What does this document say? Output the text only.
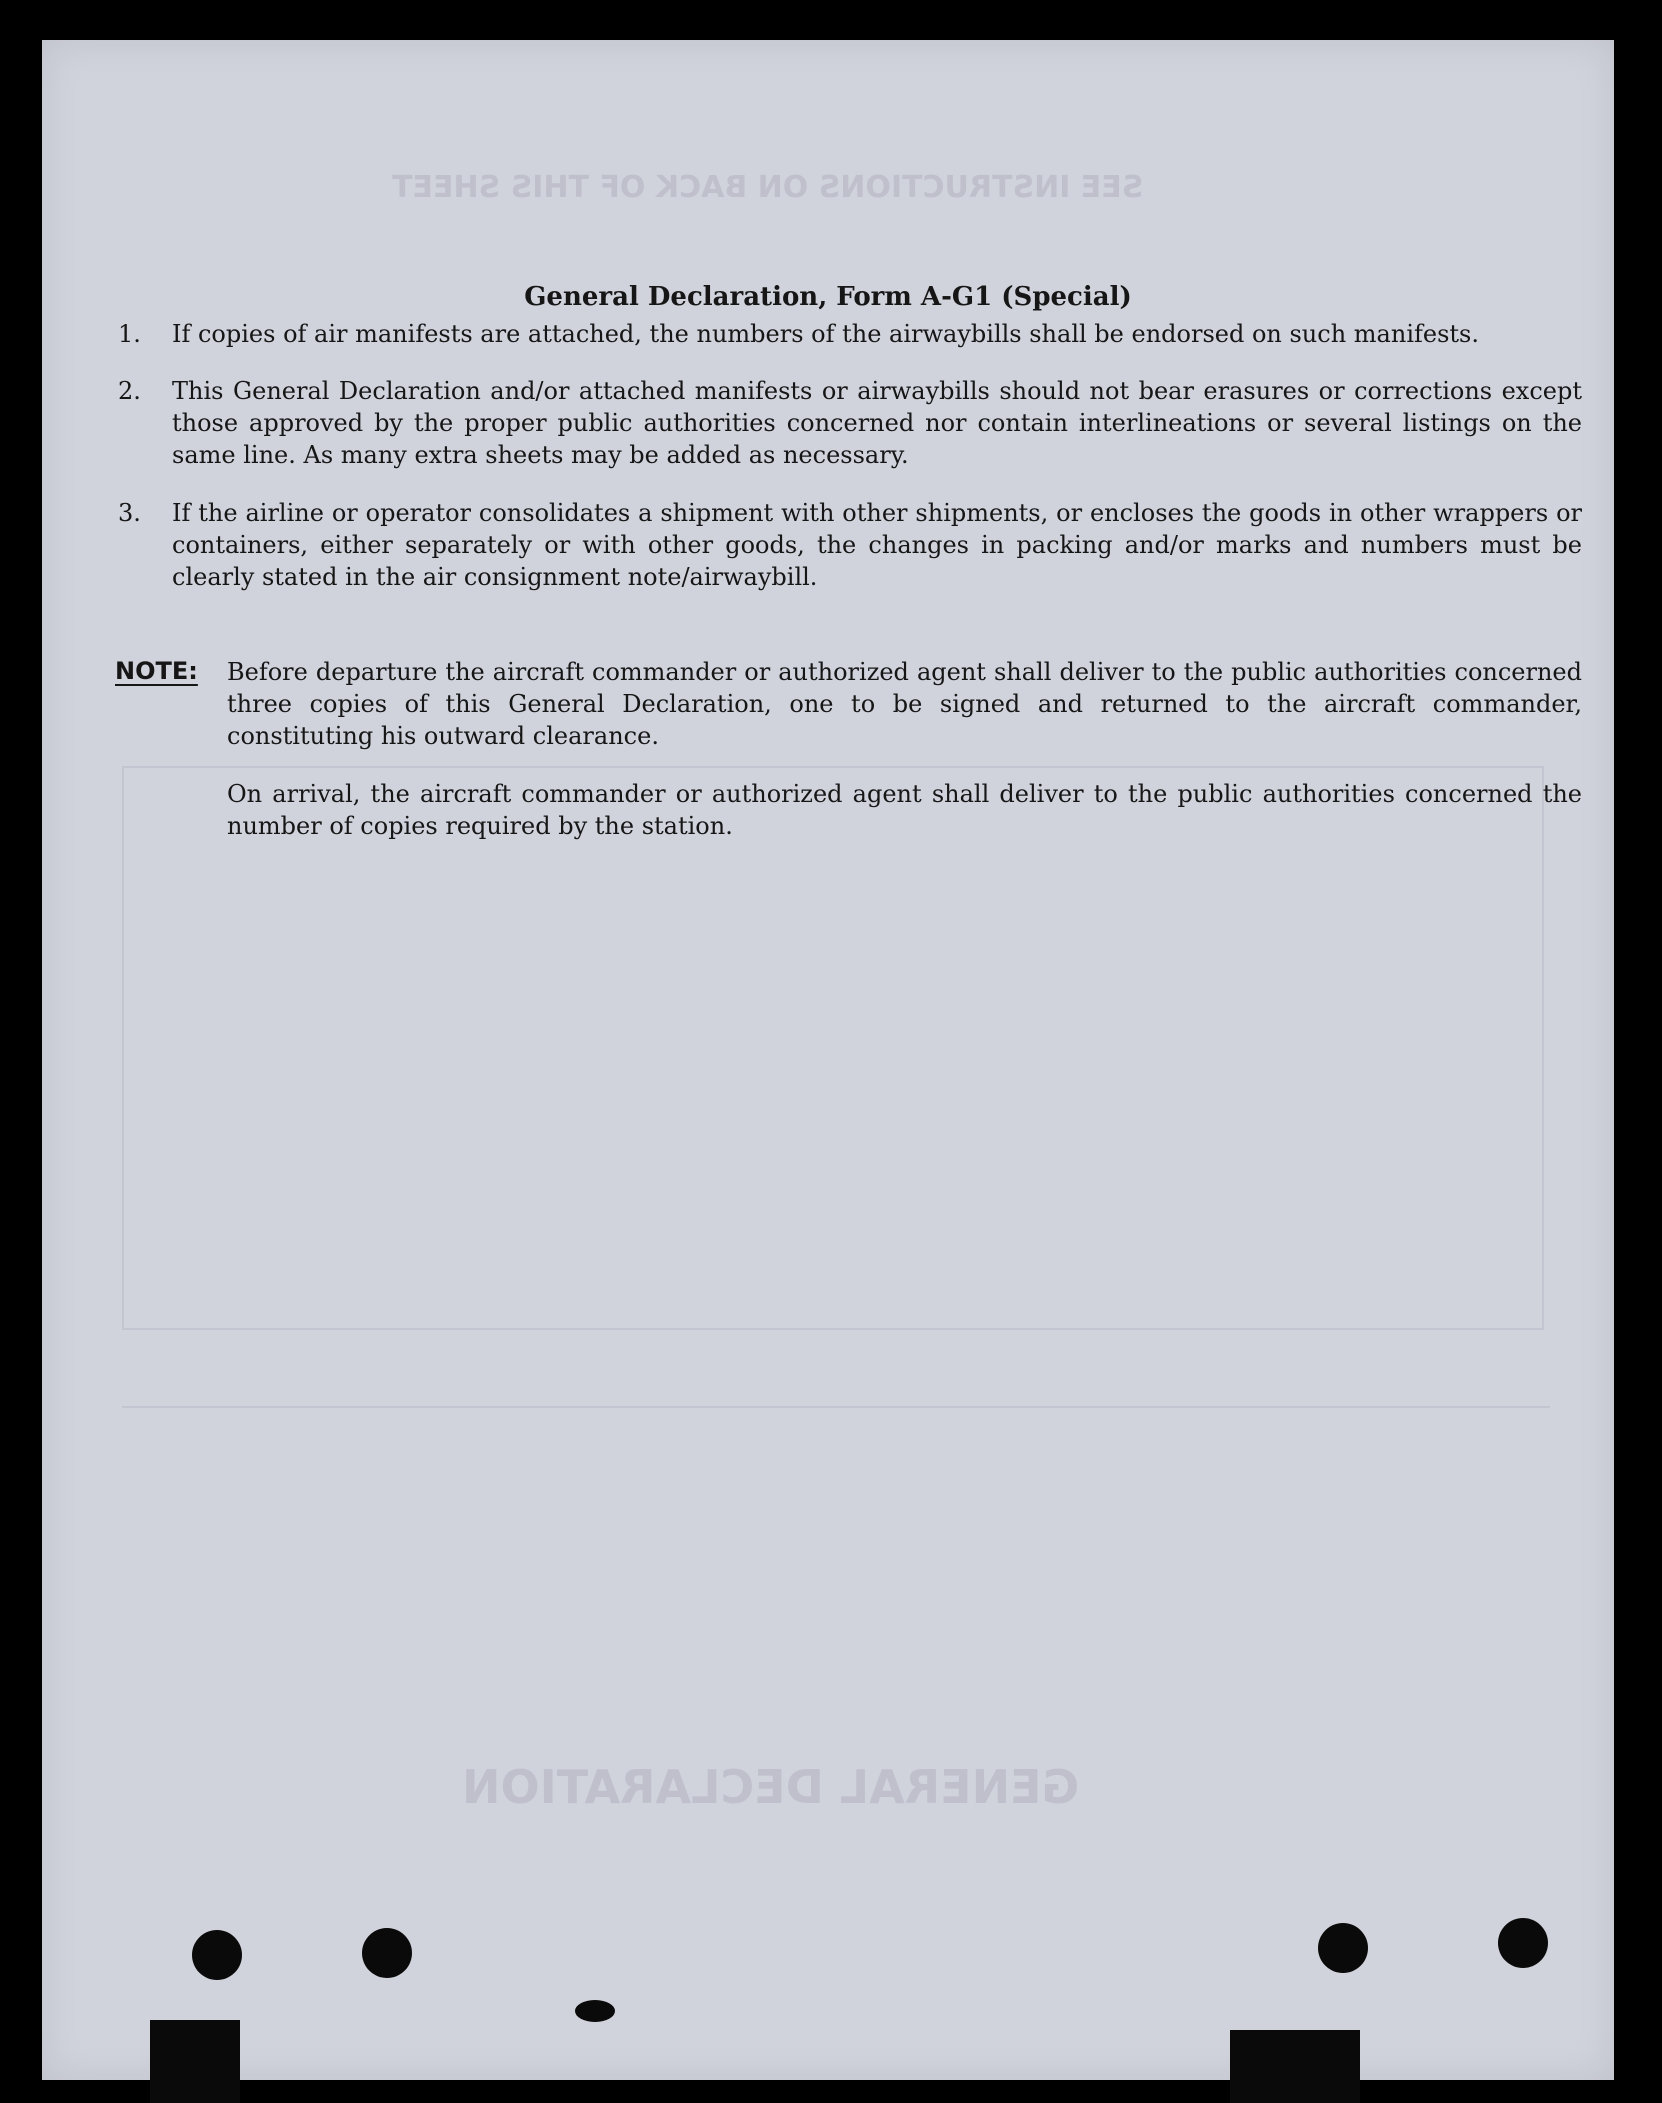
GENERAL DECLARATION
SEE INSTRUCTIONS ON BACK OF THIS SHEET
General Declaration, Form A-G1 (Special)
1. If copies of air manifests are attached, the numbers of the airwaybills shall be endorsed on such manifests.
2. This General Declaration and/or attached manifests or airwaybills should not bear erasures or corrections except those approved by the proper public authorities concerned nor contain interlineations or several listings on the same line. As many extra sheets may be added as necessary.
3. If the airline or operator consolidates a shipment with other shipments, or encloses the goods in other wrappers or containers, either separately or with other goods, the changes in packing and/or marks and numbers must be clearly stated in the air consignment note/airwaybill.
NOTE: Before departure the aircraft commander or authorized agent shall deliver to the public authorities concerned three copies of this General Declaration, one to be signed and returned to the aircraft commander, constituting his outward clearance.
On arrival, the aircraft commander or authorized agent shall deliver to the public authorities concerned the number of copies required by the station.
